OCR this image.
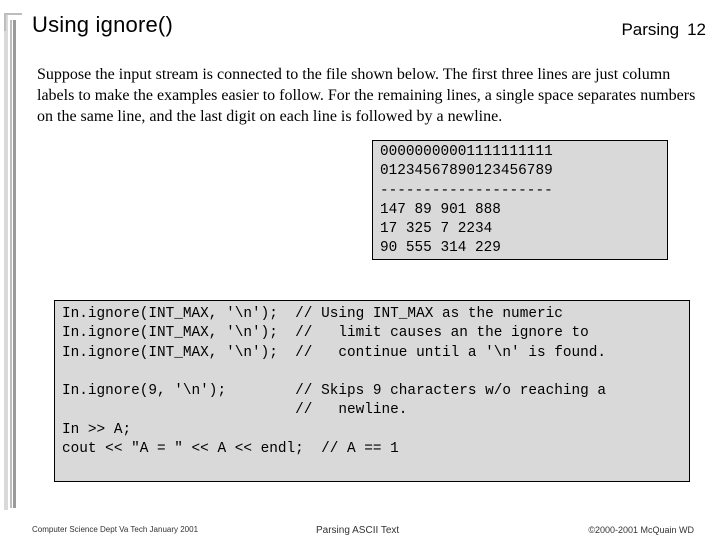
Using ignore()	Parsing 12
Suppose the input stream is connected to the file shown below. The first three lines are just column labels to make the examples easier to follow. For the remaining lines, a single space separates numbers on the same line, and the last digit on each line is followed by a newline.
00000000001111111111
01234567890123456789
--------------------
147 89 901 888
17 325 7 2234
90 555 314 229
In.ignore(INT_MAX, '\n');  // Using INT_MAX as the numeric
In.ignore(INT_MAX, '\n');  //   limit causes an the ignore to
In.ignore(INT_MAX, '\n');  //   continue until a '\n' is found.
In.ignore(9, '\n');        // Skips 9 characters w/o reaching a
//   newline.
In >> A;
cout << "A = " << A << endl;  // A == 1
Computer Science Dept Va Tech January 2001	Parsing ASCII Text	©2000-2001 McQuain WD
